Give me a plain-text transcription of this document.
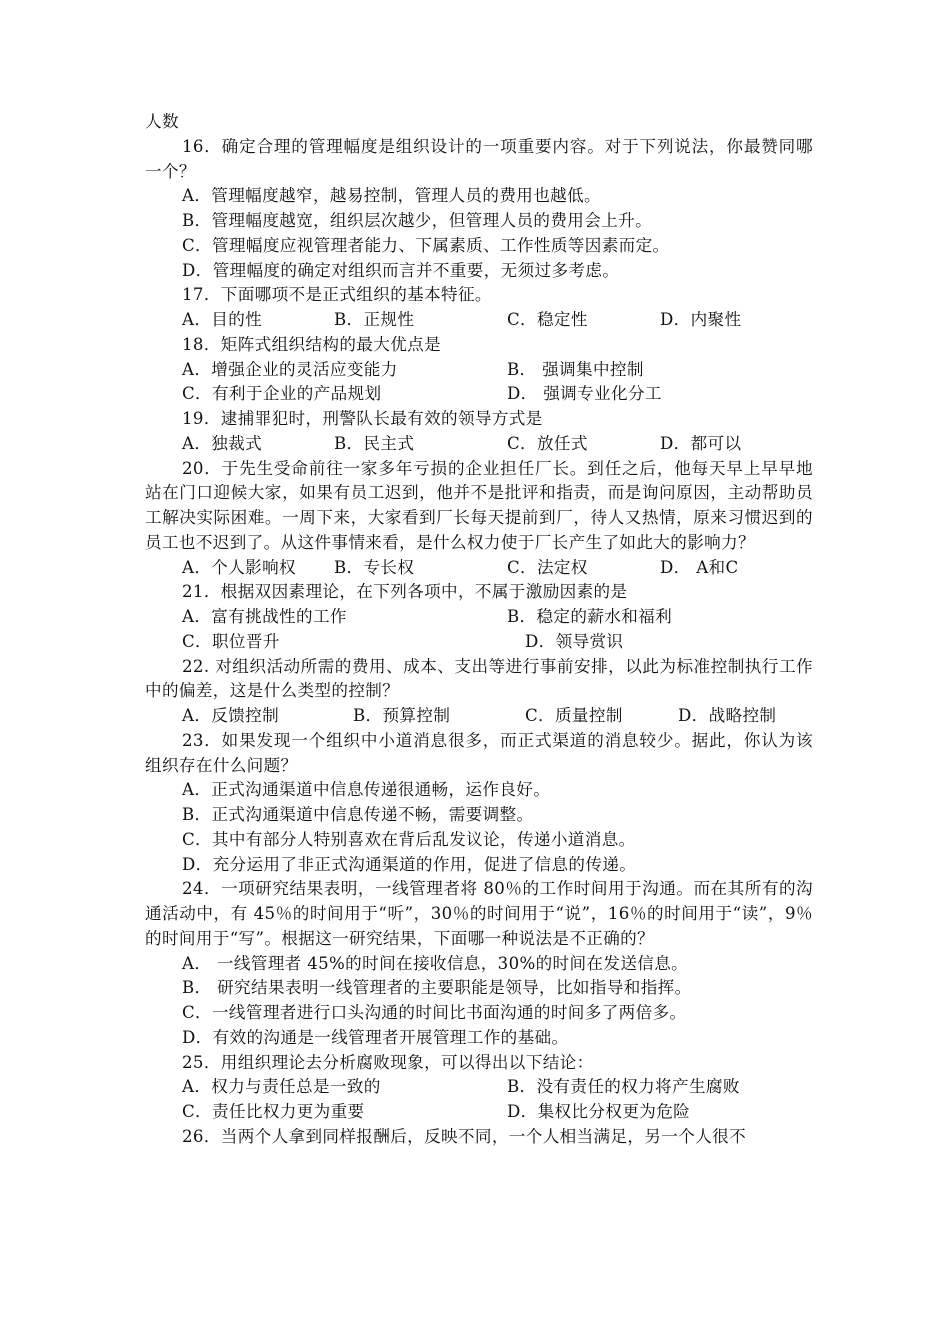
人数
16．确定合理的管理幅度是组织设计的一项重要内容。对于下列说法，你最赞同哪一个？
A．管理幅度越窄，越易控制，管理人员的费用也越低。
B．管理幅度越宽，组织层次越少，但管理人员的费用会上升。
C．管理幅度应视管理者能力、下属素质、工作性质等因素而定。
D．管理幅度的确定对组织而言并不重要，无须过多考虑。
17．下面哪项不是正式组织的基本特征。
A．目的性	B．正规性	C．稳定性	D．内聚性
18．矩阵式组织结构的最大优点是
A．增强企业的灵活应变能力	B． 强调集中控制
C．有利于企业的产品规划	D． 强调专业化分工
19．逮捕罪犯时，刑警队长最有效的领导方式是
A．独裁式	B．民主式	C．放任式	D．都可以
20．于先生受命前往一家多年亏损的企业担任厂长。到任之后，他每天早上早早地站在门口迎候大家，如果有员工迟到，他并不是批评和指责，而是询问原因，主动帮助员工解决实际困难。一周下来，大家看到厂长每天提前到厂，待人又热情，原来习惯迟到的员工也不迟到了。从这件事情来看，是什么权力使于厂长产生了如此大的影响力？
A．个人影响权 B．专长权	C．法定权	D． A和C
21．根据双因素理论，在下列各项中，不属于激励因素的是
A．富有挑战性的工作	B．稳定的薪水和福利
C．职位晋升	D．领导赏识
22. 对组织活动所需的费用、成本、支出等进行事前安排，以此为标准控制执行工作中的偏差，这是什么类型的控制？
A．反馈控制	B．预算控制	C．质量控制	D．战略控制
23．如果发现一个组织中小道消息很多，而正式渠道的消息较少。据此，你认为该组织存在什么问题？
A．正式沟通渠道中信息传递很通畅，运作良好。
B．正式沟通渠道中信息传递不畅，需要调整。
C．其中有部分人特别喜欢在背后乱发议论，传递小道消息。
D．充分运用了非正式沟通渠道的作用，促进了信息的传递。
24．一项研究结果表明，一线管理者将 80％的工作时间用于沟通。而在其所有的沟通活动中，有 45％的时间用于“听”，30％的时间用于“说”，16％的时间用于“读”，9％的时间用于“写”。根据这一研究结果，下面哪一种说法是不正确的？
A． 一线管理者 45%的时间在接收信息，30%的时间在发送信息。
B． 研究结果表明一线管理者的主要职能是领导，比如指导和指挥。
C．一线管理者进行口头沟通的时间比书面沟通的时间多了两倍多。
D．有效的沟通是一线管理者开展管理工作的基础。
25．用组织理论去分析腐败现象，可以得出以下结论：
A．权力与责任总是一致的	B．没有责任的权力将产生腐败
C．责任比权力更为重要	D．集权比分权更为危险
26．当两个人拿到同样报酬后，反映不同，一个人相当满足，另一个人很不
